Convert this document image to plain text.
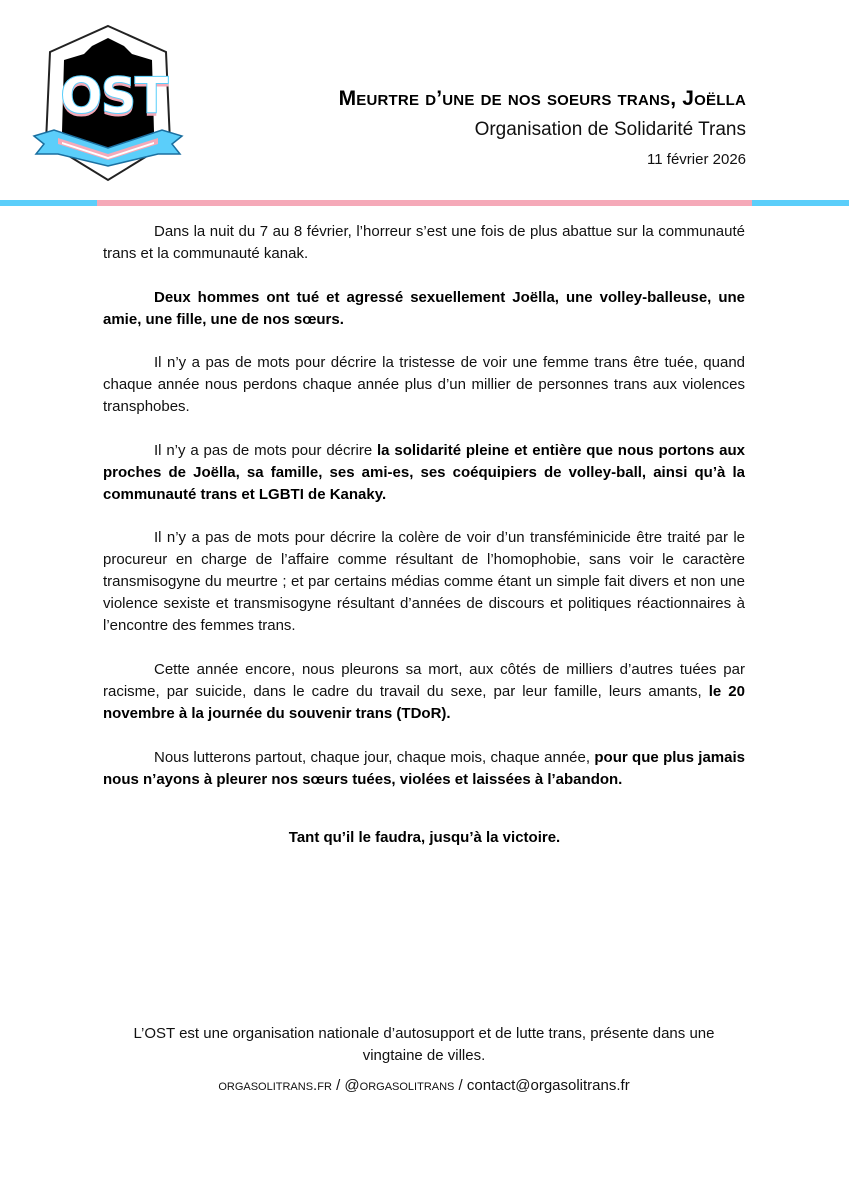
OST	Meurtre d’une de nos soeurs trans, Joëlla
Organisation de Solidarité Trans
11 février 2026

Dans la nuit du 7 au 8 février, l’horreur s’est une fois de plus abattue sur la communauté trans et la communauté kanak.

Deux hommes ont tué et agressé sexuellement Joëlla, une volley-balleuse, une amie, une fille, une de nos sœurs.

Il n’y a pas de mots pour décrire la tristesse de voir une femme trans être tuée, quand chaque année nous perdons chaque année plus d’un millier de personnes trans aux violences transphobes.

Il n’y a pas de mots pour décrire la solidarité pleine et entière que nous portons aux proches de Joëlla, sa famille, ses ami-es, ses coéquipiers de volley-ball, ainsi qu’à la communauté trans et LGBTI de Kanaky.

Il n’y a pas de mots pour décrire la colère de voir d’un transféminicide être traité par le procureur en charge de l’affaire comme résultant de l’homophobie, sans voir le caractère transmisogyne du meurtre ; et par certains médias comme étant un simple fait divers et non une violence sexiste et transmisogyne résultant d’années de discours et politiques réactionnaires à l’encontre des femmes trans.

Cette année encore, nous pleurons sa mort, aux côtés de milliers d’autres tuées par racisme, par suicide, dans le cadre du travail du sexe, par leur famille, leurs amants, le 20 novembre à la journée du souvenir trans (TDoR).

Nous lutterons partout, chaque jour, chaque mois, chaque année, pour que plus jamais nous n’ayons à pleurer nos sœurs tuées, violées et laissées à l’abandon.

Tant qu’il le faudra, jusqu’à la victoire.
L’OST est une organisation nationale d’autosupport et de lutte trans, présente dans une vingtaine de villes.
orgasolitrans.fr / @orgasolitrans / contact@orgasolitrans.fr
